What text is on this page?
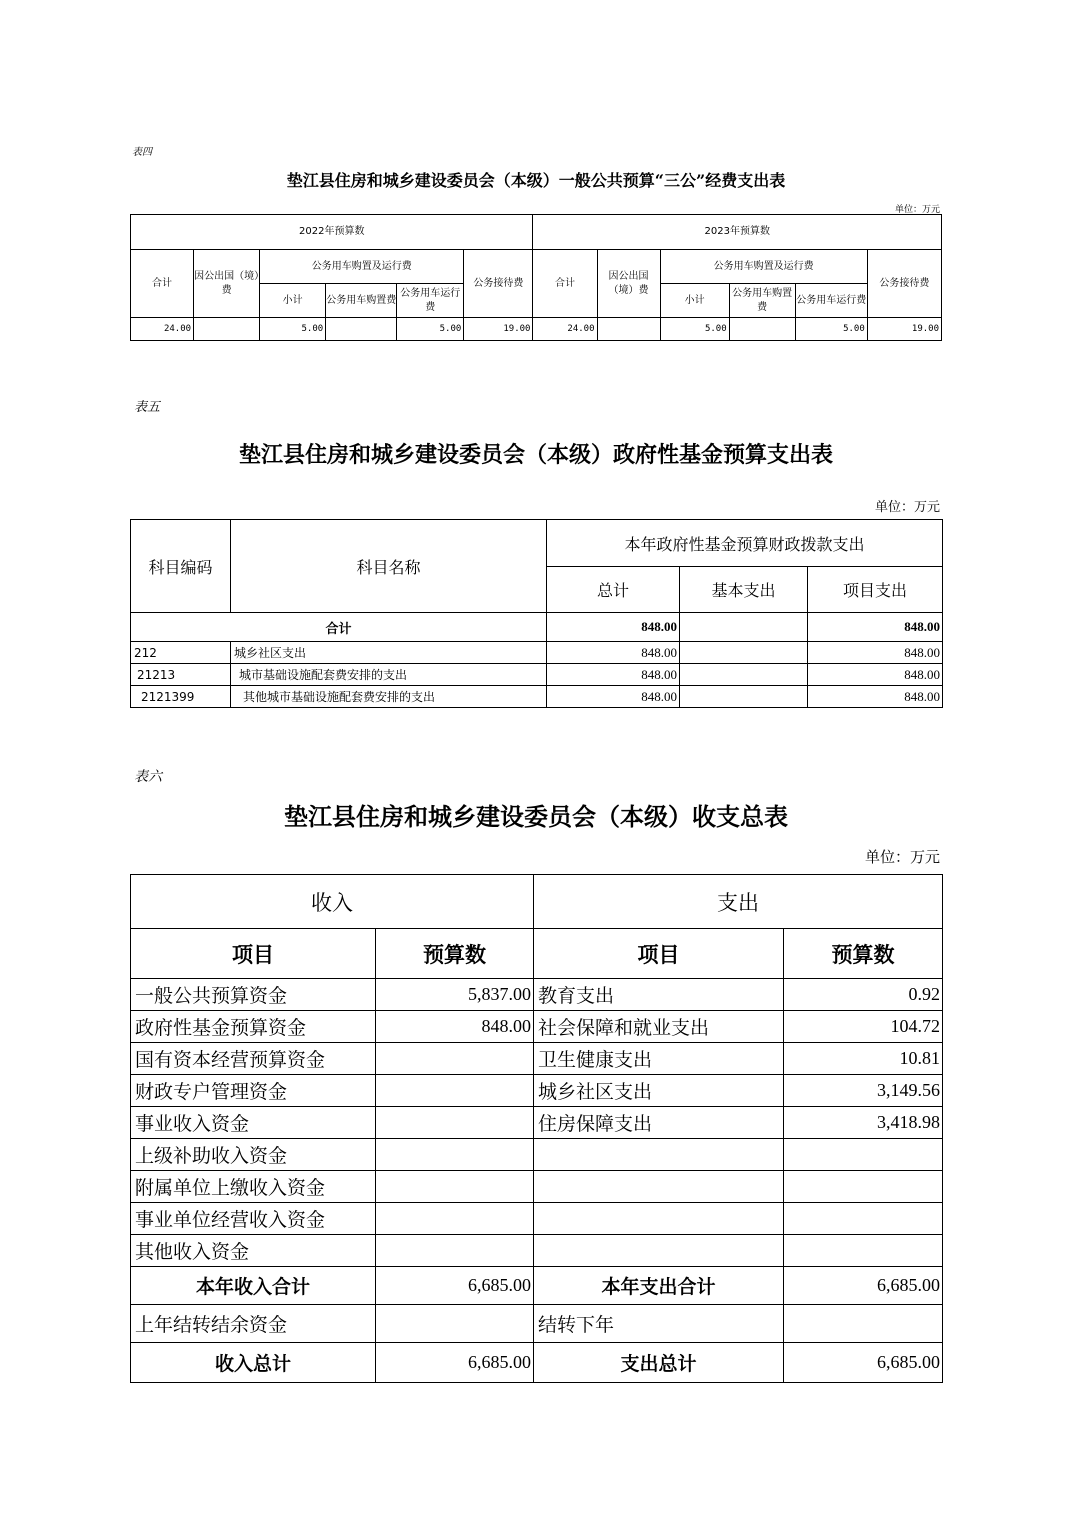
表四
垫江县住房和城乡建设委员会（本级）一般公共预算“三公”经费支出表
单位：万元
2022年预算数						2023年预算数					
合计	因公出国（境）费	公务用车购置及运行费			公务接待费	合计	因公出国（境）费	公务用车购置及运行费			公务接待费
		小计	公务用车购置费	公务用车运行费				小计	公务用车购置费	公务用车运行费	
24.00		5.00		5.00	19.00	24.00		5.00		5.00	19.00
表五
垫江县住房和城乡建设委员会（本级）政府性基金预算支出表
单位：万元
科目编码	科目名称	本年政府性基金预算财政拨款支出		
		总计	基本支出	项目支出
合计		848.00		848.00
212	城乡社区支出	848.00		848.00
21213	城市基础设施配套费安排的支出	848.00		848.00
2121399	其他城市基础设施配套费安排的支出	848.00		848.00
表六
垫江县住房和城乡建设委员会（本级）收支总表
单位：万元
收入		支出	
项目	预算数	项目	预算数
一般公共预算资金	5,837.00	教育支出	0.92
政府性基金预算资金	848.00	社会保障和就业支出	104.72
国有资本经营预算资金		卫生健康支出	10.81
财政专户管理资金		城乡社区支出	3,149.56
事业收入资金		住房保障支出	3,418.98
上级补助收入资金			
附属单位上缴收入资金			
事业单位经营收入资金			
其他收入资金			
本年收入合计	6,685.00	本年支出合计	6,685.00
上年结转结余资金		结转下年	
收入总计	6,685.00	支出总计	6,685.00
